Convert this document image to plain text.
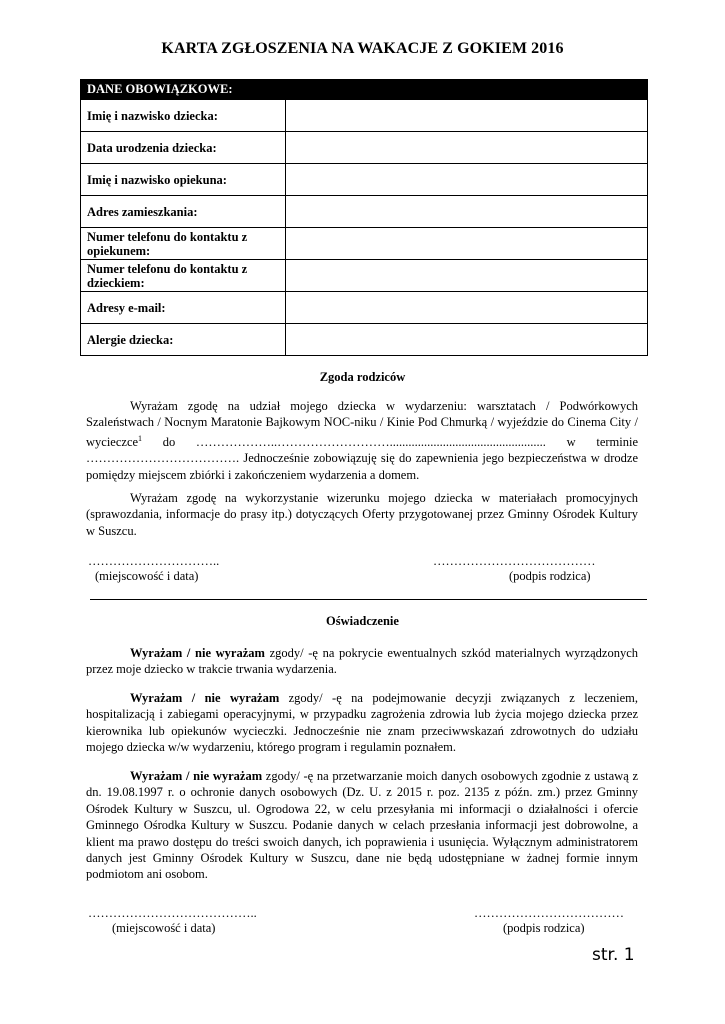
KARTA ZGŁOSZENIA NA WAKACJE Z GOKIEM 2016
DANE OBOWIĄZKOWE:	
Imię i nazwisko dziecka:	
Data urodzenia dziecka:	
Imię i nazwisko opiekuna:	
Adres zamieszkania:	
Numer telefonu do kontaktu z opiekunem:	
Numer telefonu do kontaktu z dzieckiem:	
Adresy e-mail:	
Alergie dziecka:	
Zgoda rodziców
Wyrażam zgodę na udział mojego dziecka w wydarzeniu: warsztatach / Podwórkowych Szaleństwach / Nocnym Maratonie Bajkowym NOC-niku / Kinie Pod Chmurką / wyjeździe do Cinema City / wycieczce$^1$ do ………………..……………………….................................................. w terminie ………………………………. Jednocześnie zobowiązuję się do zapewnienia jego bezpieczeństwa w drodze pomiędzy miejscem zbiórki i zakończeniem wydarzenia a domem.
Wyrażam zgodę na wykorzystanie wizerunku mojego dziecka w materiałach promocyjnych (sprawozdania, informacje do prasy itp.) dotyczących Oferty przygotowanej przez Gminny Ośrodek Kultury w Suszcu.
…………………………..	…………………………………
(miejscowość i data)	(podpis rodzica)
Oświadczenie
Wyrażam / nie wyrażam zgody/ -ę na pokrycie ewentualnych szkód materialnych wyrządzonych przez moje dziecko w trakcie trwania wydarzenia.
Wyrażam / nie wyrażam zgody/ -ę na podejmowanie decyzji związanych z leczeniem, hospitalizacją i zabiegami operacyjnymi, w przypadku zagrożenia zdrowia lub życia mojego dziecka przez kierownika lub opiekunów wycieczki. Jednocześnie nie znam przeciwwskazań zdrowotnych do udziału mojego dziecka w/w wydarzeniu, którego program i regulamin poznałem.
Wyrażam / nie wyrażam zgody/ -ę na przetwarzanie moich danych osobowych zgodnie z ustawą z dn. 19.08.1997 r. o ochronie danych osobowych (Dz. U. z 2015 r. poz. 2135 z późn. zm.) przez Gminny Ośrodek Kultury w Suszcu, ul. Ogrodowa 22, w celu przesyłania mi informacji o działalności i ofercie Gminnego Ośrodka Kultury w Suszcu. Podanie danych w celach przesłania informacji jest dobrowolne, a klient ma prawo dostępu do treści swoich danych, ich poprawienia i usunięcia. Wyłącznym administratorem danych jest Gminny Ośrodek Kultury w Suszcu, dane nie będą udostępniane w żadnej formie innym podmiotom ani osobom.
…………………………………..	………………………………
(miejscowość i data)	(podpis rodzica)
str. 1
